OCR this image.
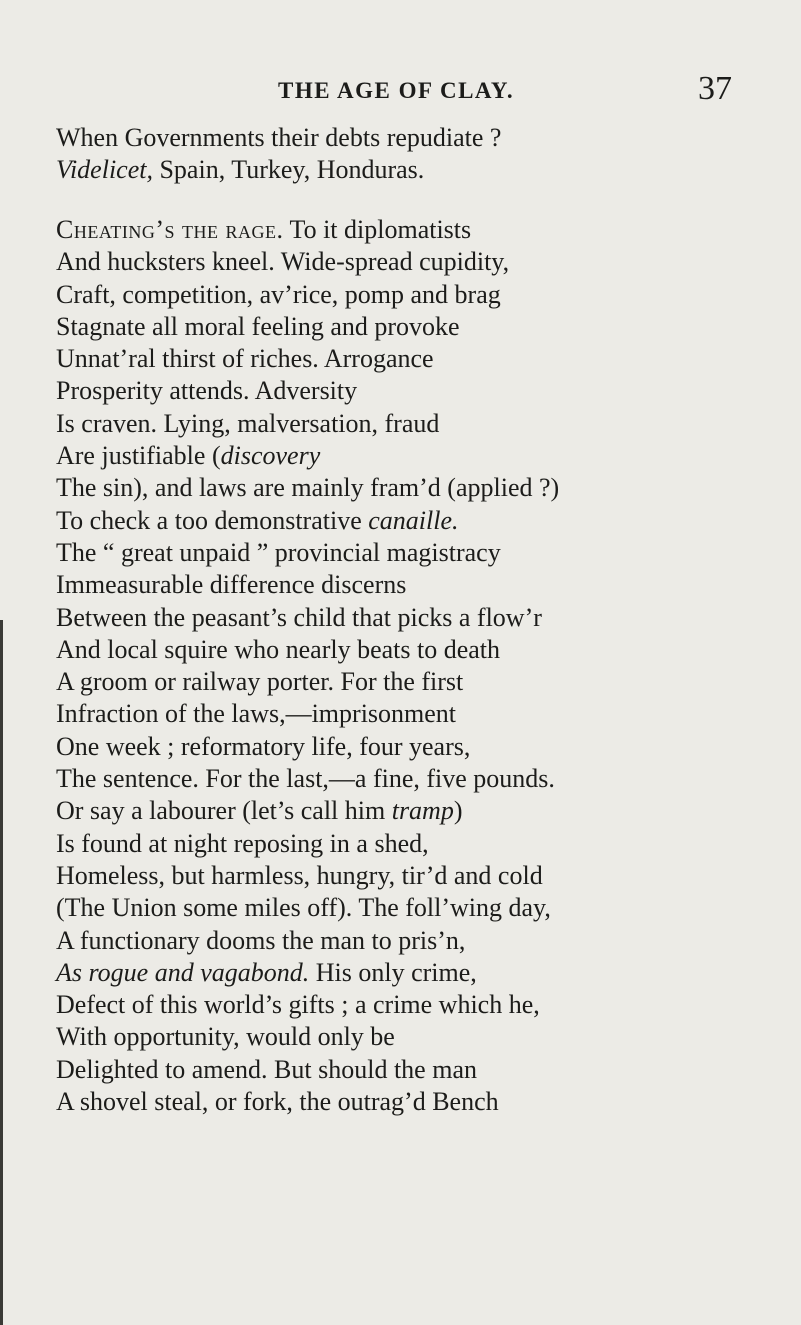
THE AGE OF CLAY.	37
When Governments their debts repudiate ?
Videlicet, Spain, Turkey, Honduras.
Cheating’s the rage. To it diplomatists
And hucksters kneel. Wide-spread cupidity,
Craft, competition, av’rice, pomp and brag
Stagnate all moral feeling and provoke
Unnat’ral thirst of riches. Arrogance
Prosperity attends. Adversity
Is craven. Lying, malversation, fraud
Are justifiable (discovery
The sin), and laws are mainly fram’d (applied ?)
To check a too demonstrative canaille.
The “ great unpaid ” provincial magistracy
Immeasurable difference discerns
Between the peasant’s child that picks a flow’r
And local squire who nearly beats to death
A groom or railway porter. For the first
Infraction of the laws,—imprisonment
One week ; reformatory life, four years,
The sentence. For the last,—a fine, five pounds.
Or say a labourer (let’s call him tramp)
Is found at night reposing in a shed,
Homeless, but harmless, hungry, tir’d and cold
(The Union some miles off). The foll’wing day,
A functionary dooms the man to pris’n,
As rogue and vagabond. His only crime,
Defect of this world’s gifts ; a crime which he,
With opportunity, would only be
Delighted to amend. But should the man
A shovel steal, or fork, the outrag’d Bench
